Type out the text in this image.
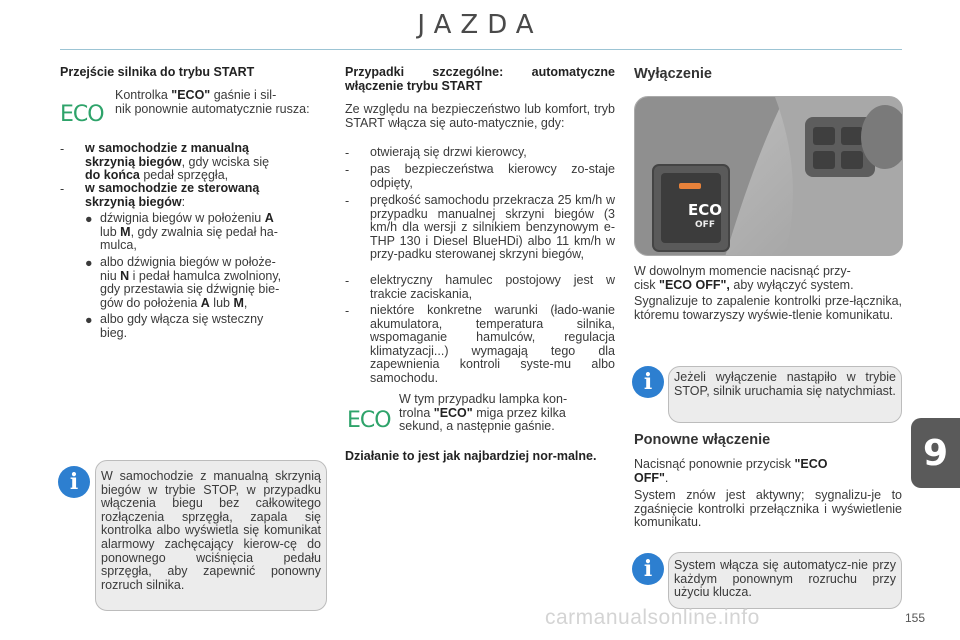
JAZDA
Przejście silnika do trybu START
ECO
Kontrolka "ECO" gaśnie i sil-
nik ponownie automatycznie rusza:
- w samochodzie z manualną
skrzynią biegów, gdy wciska się
do końca pedał sprzęgła,
- w samochodzie ze sterowaną
skrzynią biegów:
● dźwignia biegów w położeniu A
lub M, gdy zwalnia się pedał ha-
mulca,
● albo dźwignia biegów w położe-
niu N i pedał hamulca zwolniony,
gdy przestawia się dźwignię bie-
gów do położenia A lub M,
● albo gdy włącza się wsteczny
bieg.
i	W samochodzie z manualną skrzynią biegów w trybie STOP, w przypadku włączenia biegu bez całkowitego rozłączenia sprzęgła, zapala się kontrolka albo wyświetla się komunikat alarmowy zachęcający kierow-cę do ponownego wciśnięcia pedału sprzęgła, aby zapewnić ponowny rozruch silnika.
Przypadki szczególne: automatyczne włączenie trybu START
Ze względu na bezpieczeństwo lub komfort, tryb START włącza się auto-matycznie, gdy:
- otwierają się drzwi kierowcy,
- pas bezpieczeństwa kierowcy zo-staje odpięty,
- prędkość samochodu przekracza 25 km/h w przypadku manualnej skrzyni biegów (3 km/h dla wersji z silnikiem benzynowym e-THP 130 i Diesel BlueHDi) albo 11 km/h w przy-padku sterowanej skrzyni biegów,
- elektryczny hamulec postojowy jest w trakcie zaciskania,
- niektóre konkretne warunki (łado-wanie akumulatora, temperatura silnika, wspomaganie hamulców, regulacja klimatyzacji...) wymagają tego dla zapewnienia kontroli syste-mu albo samochodu.
ECO
W tym przypadku lampka kon-
trolna "ECO" miga przez kilka
sekund, a następnie gaśnie.
Działanie to jest jak najbardziej nor-malne.
Wyłączenie
ECO
OFF
W dowolnym momencie nacisnąć przy-
cisk "ECO OFF", aby wyłączyć system.
Sygnalizuje to zapalenie kontrolki prze-łącznika, któremu towarzyszy wyświe-tlenie komunikatu.
i	Jeżeli wyłączenie nastąpiło w trybie STOP, silnik uruchamia się natychmiast.
Ponowne włączenie
Nacisnąć ponownie przycisk "ECO
OFF".
System znów jest aktywny; sygnalizu-je to zgaśnięcie kontrolki przełącznika i wyświetlenie komunikatu.
i	System włącza się automatycz-nie przy każdym ponownym rozruchu przy użyciu klucza.
9
carmanualsonline.info	155
